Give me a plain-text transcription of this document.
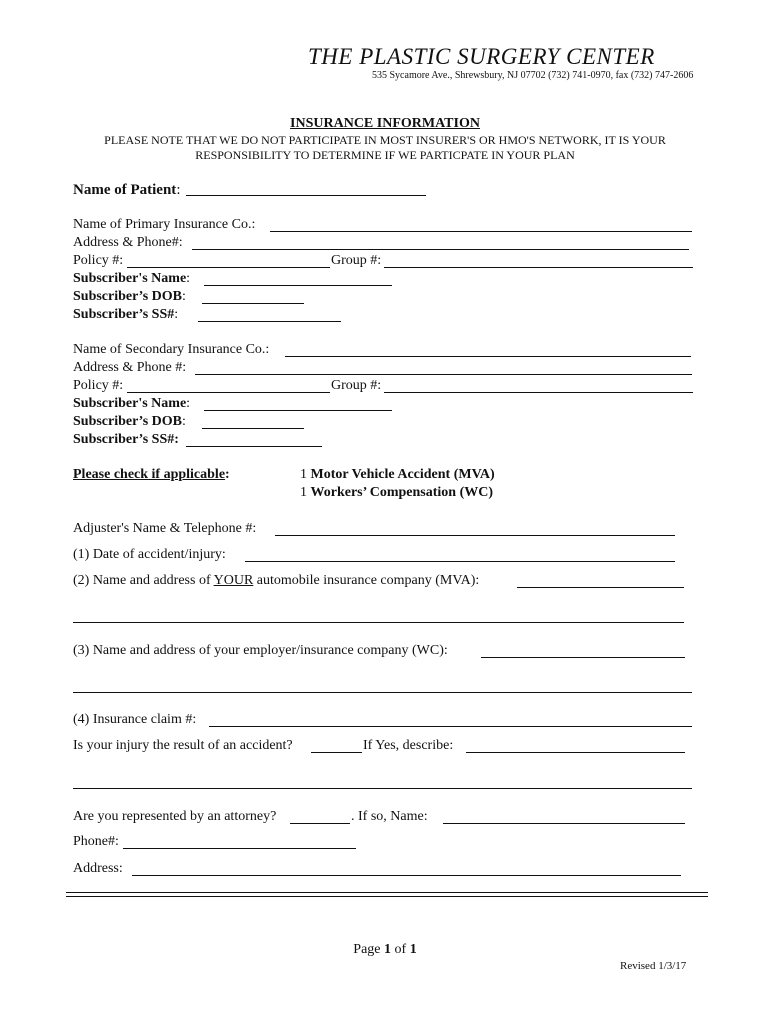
THE PLASTIC SURGERY CENTER
535 Sycamore Ave., Shrewsbury, NJ 07702 (732) 741-0970, fax (732) 747-2606
INSURANCE INFORMATION
PLEASE NOTE THAT WE DO NOT PARTICIPATE IN MOST INSURER'S OR HMO'S NETWORK, IT IS YOUR RESPONSIBILITY TO DETERMINE IF WE PARTICPATE IN YOUR PLAN
Name of Patient:
Name of Primary Insurance Co.:
Address & Phone#:
Policy #:	Group #:
Subscriber's Name:
Subscriber’s DOB:
Subscriber’s SS#:
Name of Secondary Insurance Co.:
Address & Phone #:
Policy #:	Group #:
Subscriber's Name:
Subscriber’s DOB:
Subscriber’s SS#:
Please check if applicable:	1 Motor Vehicle Accident (MVA)
1 Workers’ Compensation (WC)
Adjuster's Name & Telephone #:
(1) Date of accident/injury:
(2) Name and address of YOUR automobile insurance company (MVA):
(3) Name and address of your employer/insurance company (WC):
(4) Insurance claim #:
Is your injury the result of an accident?	If Yes, describe:
Are you represented by an attorney?	. If so, Name:
Phone#:
Address:
Page 1 of 1
Revised 1/3/17
